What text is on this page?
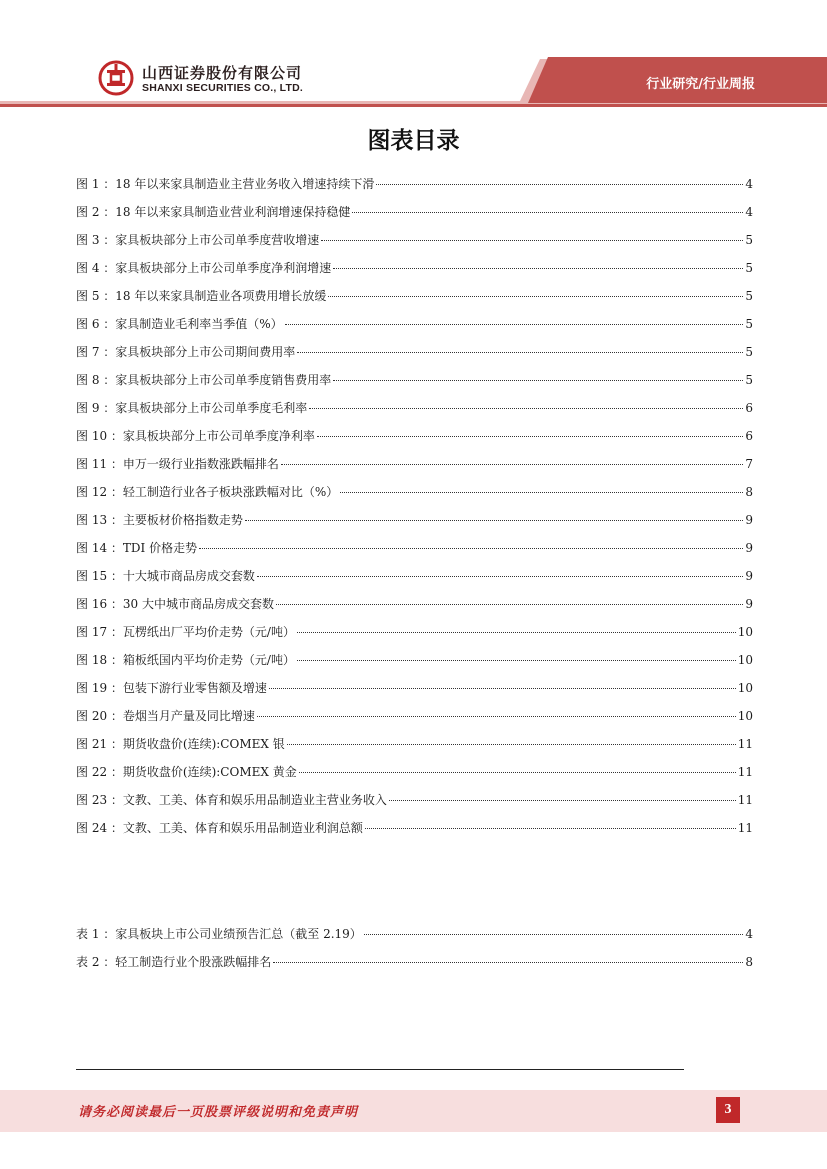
山西证券股份有限公司
SHANXI SECURITIES CO., LTD.	行业研究/行业周报
图表目录
图 1 ：18 年以来家具制造业主营业务收入增速持续下滑	4
图 2 ：18 年以来家具制造业营业利润增速保持稳健	4
图 3 ：家具板块部分上市公司单季度营收增速	5
图 4 ：家具板块部分上市公司单季度净利润增速	5
图 5 ：18 年以来家具制造业各项费用增长放缓	5
图 6 ：家具制造业毛利率当季值（%）	5
图 7 ：家具板块部分上市公司期间费用率	5
图 8 ：家具板块部分上市公司单季度销售费用率	5
图 9 ：家具板块部分上市公司单季度毛利率	6
图 10 ：家具板块部分上市公司单季度净利率	6
图 11 ：申万一级行业指数涨跌幅排名	7
图 12 ：轻工制造行业各子板块涨跌幅对比（%）	8
图 13 ：主要板材价格指数走势	9
图 14 ：TDI 价格走势	9
图 15 ：十大城市商品房成交套数	9
图 16 ：30 大中城市商品房成交套数	9
图 17 ：瓦楞纸出厂平均价走势（元/吨）	10
图 18 ：箱板纸国内平均价走势（元/吨）	10
图 19 ：包装下游行业零售额及增速	10
图 20 ：卷烟当月产量及同比增速	10
图 21 ：期货收盘价(连续):COMEX 银	11
图 22 ：期货收盘价(连续):COMEX 黄金	11
图 23 ：文教、工美、体育和娱乐用品制造业主营业务收入	11
图 24 ：文教、工美、体育和娱乐用品制造业利润总额	11
表 1 ：家具板块上市公司业绩预告汇总（截至 2.19）	4
表 2 ：轻工制造行业个股涨跌幅排名	8
请务必阅读最后一页股票评级说明和免责声明	3
